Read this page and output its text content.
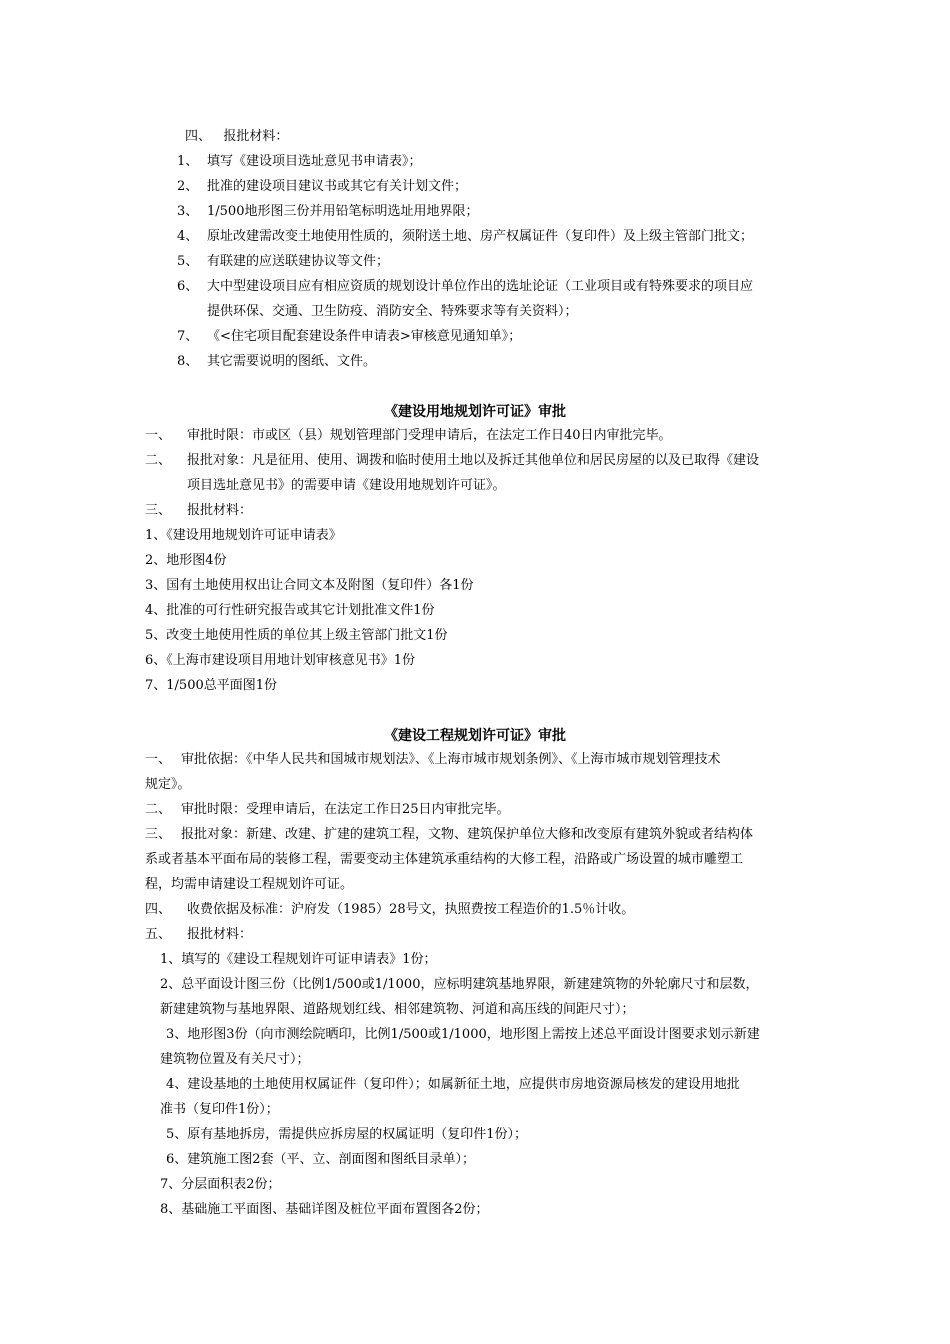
四、 报批材料：
1、 填写《建设项目选址意见书申请表》；
2、 批准的建设项目建议书或其它有关计划文件；
3、 1/500地形图三份并用铅笔标明选址用地界限；
4、 原址改建需改变土地使用性质的，须附送土地、房产权属证件（复印件）及上级主管部门批文；
5、 有联建的应送联建协议等文件；
6、 大中型建设项目应有相应资质的规划设计单位作出的选址论证（工业项目或有特殊要求的项目应
提供环保、交通、卫生防疫、消防安全、特殊要求等有关资料）；
7、 《<住宅项目配套建设条件申请表>审核意见通知单》；
8、 其它需要说明的图纸、文件。
《建设用地规划许可证》审批
一、 审批时限：市或区（县）规划管理部门受理申请后，在法定工作日40日内审批完毕。
二、 报批对象：凡是征用、使用、调拨和临时使用土地以及拆迁其他单位和居民房屋的以及已取得《建设
项目选址意见书》的需要申请《建设用地规划许可证》。
三、 报批材料：
1、《建设用地规划许可证申请表》
2、地形图4份
3、国有土地使用权出让合同文本及附图（复印件）各1份
4、批准的可行性研究报告或其它计划批准文件1份
5、改变土地使用性质的单位其上级主管部门批文1份
6、《上海市建设项目用地计划审核意见书》1份
7、1/500总平面图1份
《建设工程规划许可证》审批
一、 审批依据：《中华人民共和国城市规划法》、《上海市城市规划条例》、《上海市城市规划管理技术
规定》。
二、 审批时限：受理申请后，在法定工作日25日内审批完毕。
三、 报批对象：新建、改建、扩建的建筑工程，文物、建筑保护单位大修和改变原有建筑外貌或者结构体
系或者基本平面布局的装修工程，需要变动主体建筑承重结构的大修工程，沿路或广场设置的城市雕塑工
程，均需申请建设工程规划许可证。
四、 收费依据及标准：沪府发（1985）28号文，执照费按工程造价的1.5％计收。
五、 报批材料：
1、填写的《建设工程规划许可证申请表》1份；
2、总平面设计图三份（比例1/500或1/1000，应标明建筑基地界限，新建建筑物的外轮廓尺寸和层数，
新建建筑物与基地界限、道路规划红线、相邻建筑物、河道和高压线的间距尺寸）；
3、地形图3份（向市测绘院晒印，比例1/500或1/1000，地形图上需按上述总平面设计图要求划示新建
建筑物位置及有关尺寸）；
4、建设基地的土地使用权属证件（复印件）；如属新征土地，应提供市房地资源局核发的建设用地批
准书（复印件1份）；
5、原有基地拆房，需提供应拆房屋的权属证明（复印件1份）；
6、建筑施工图2套（平、立、剖面图和图纸目录单）；
7、分层面积表2份；
8、基础施工平面图、基础详图及桩位平面布置图各2份；
